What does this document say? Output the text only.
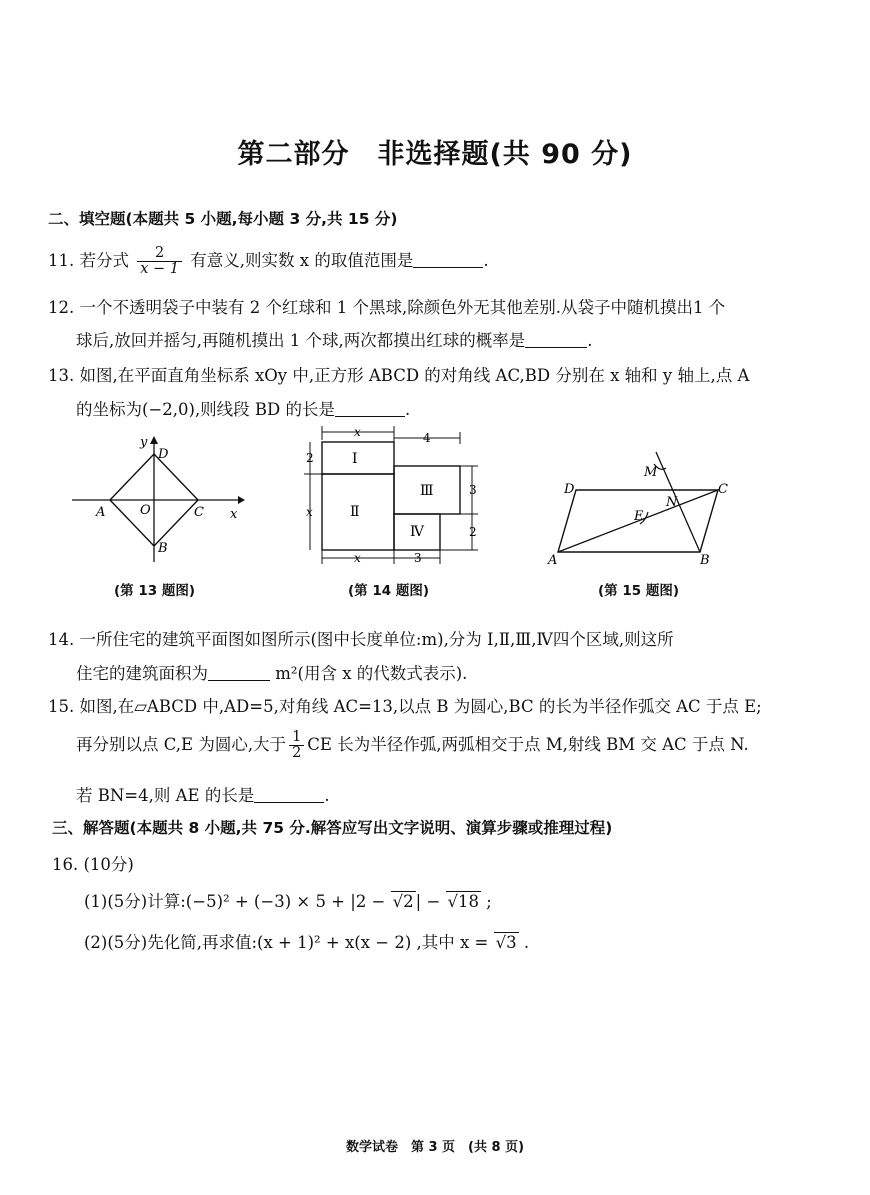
第二部分　非选择题(共 90 分)
二、填空题(本题共 5 小题,每小题 3 分,共 15 分)
11. 若分式 $\frac{2}{x - 1}$ 有意义,则实数 x 的取值范围是	.
12. 一个不透明袋子中装有 2 个红球和 1 个黑球,除颜色外无其他差别.从袋子中随机摸出1 个
球后,放回并摇匀,再随机摸出 1 个球,两次都摸出红球的概率是	.
13. 如图,在平面直角坐标系 xOy 中,正方形 ABCD 的对角线 AC,BD 分别在 x 轴和 y 轴上,点 A
的坐标为(−2,0),则线段 BD 的长是	.
y
x
D
A	O	C
B
(第 13 题图)
x	4
2
x
3
2
x	3
Ⅰ
Ⅱ
Ⅲ
Ⅳ
(第 14 题图)
M
D	C
N
E
A	B
(第 15 题图)
14. 一所住宅的建筑平面图如图所示(图中长度单位:m),分为 Ⅰ,Ⅱ,Ⅲ,Ⅳ四个区域,则这所
住宅的建筑面积为	m²(用含 x 的代数式表示).
15. 如图,在▱ABCD 中,AD=5,对角线 AC=13,以点 B 为圆心,BC 的长为半径作弧交 AC 于点 E;
再分别以点 C,E 为圆心,大于 $\frac{1}{2}$ CE 长为半径作弧,两弧相交于点 M,射线 BM 交 AC 于点 N.
若 BN=4,则 AE 的长是	.
三、解答题(本题共 8 小题,共 75 分.解答应写出文字说明、演算步骤或推理过程)
16. (10分)
(1)(5分)计算:(−5)² + (−3) × 5 + |2 − √2 | − √18 ;
(2)(5分)先化简,再求值:(x + 1)² + x(x − 2) ,其中 x = √3 .
数学试卷　第 3 页　(共 8 页)
